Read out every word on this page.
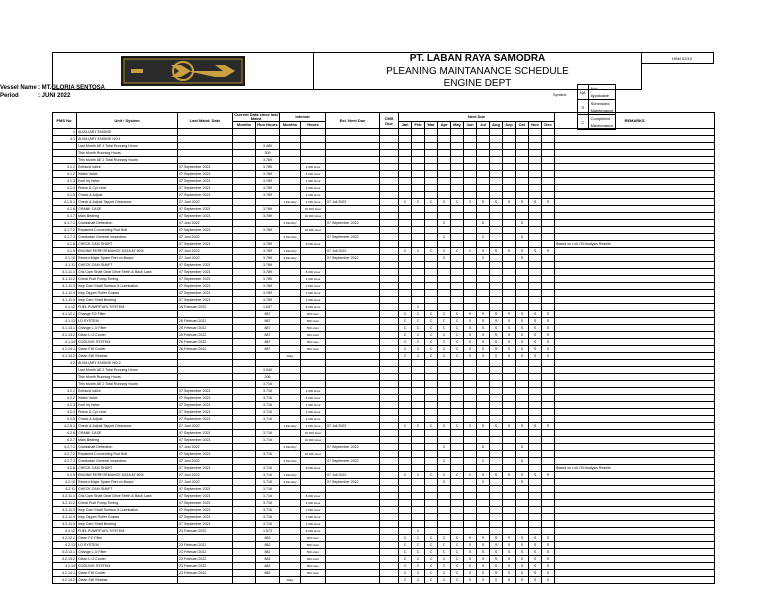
PT. LABAN RAYA SAMODRA
PLEANING MAINTANANCE SCHEDULE
ENGINE DEPT
HSM 02/19
Vessel Name: MT.GLORIA SENTOSA
Period	: JUNI 2022	Symbol	NA	Not Applicable
S	Scheduled Maintenance
C	Completed Maintenance
PMS No.	Unit / System	Last Maint. Date	Current Data since last Maint		Interval		Est. Next Due	CMS Due	Next Due												REMARKS
			Months	Run Hours	Months	Hours			Jan	Feb	Mar	Apr	May	Jun	Jul	Aug	Sep	Oct	Nov	Dec	
4	AUXILIARY ENGINE																				
4.1	AUXILIARY ENGINE NO.1																				
	Last Month AE 1 Total Running Hours			3.480																	
	This Month Running Hours			309																	
	This Month AE 1 Total Running Hours			3.789																	
4.1.1	Exhaust Valve	07 September 2021		3.789		4,000 Hour															
4.1.2	Intake Valve	07 September 2021		3.789		4,000 Hour															
4.1.3	Fuel Inj Valve	07 September 2021		3.789		4,000 Hour															
4.1.4	Piston & Cyl Liner	07 September 2021		3.789		4,000 Hour															
4.1.5	Check & Adjust	07 September 2021		3.789		4,000 Hour															
4.1.5.1	Check & Adjust Tappet Clearance	07 Juni 2022			1 Monthly	4,000 Hour	07 Juli 2022		C	C	C	C	C	C	S	S	S	S	S	S	
4.1.6	CRANK CASE	07 September 2021		3.789		16,000 Hour															
4.1.7	Main Bearing	07 September 2021		3.789		16,000 Hour															
4.1.7.1	Crankshaft Deflection	07 Juni 2022			3 Monthly		07 September 2022					C			S			S			
4.1.7.2	Replaced Connecting Rod Bolt	07 September 2021		3.789		20,000 Hour															
4.1.7.3	Crankcase General Inspection	07 Juni 2022			3 Monthly		07 September 2022					C			C			S			
4.1.8	CHECK CAM SHAFT	07 September 2021		3.789		8,000 Hour															Based on Lub Oil Analysis Results
4.1.9	ENGINE PERFORMANCE DATA AT 80%	07 Juni 2022		3.789	1 Monthly		07 Juli 2022		C	C	C	C	C	C	S	S	S	S	S	S	
4.1.10	Record Major Spare Part on Board	07 Juni 2022		3.789	3 Monthly		07 September 2022					C			C			S			
4.1.11	CHECK CAM SHAFT	07 September 2021		3.789																	
4.1.11.1	Chk Cam Shaft Gear Drive Teeth & Back Lash	07 September 2021		3.789		8,000 Hour															
4.1.11.2	Check Fuel Pump Timing	07 September 2021		3.789		4,000 Hour															
4.1.11.3	Insp Cam Shaft Surface & Lubrication	07 September 2021		3.789		1,500 Hour															
4.1.11.4	Insp Tappet Roller Guides	07 September 2021		3.789		1,500 Hour															
4.1.11.5	Insp Cam Shaft Bearing	07 September 2021		3.789		4,000 Hour															
4.1.12	FUEL PUMP/FUEL SYSTEM	18 Februari 2022		1.637		8,000 Hour				C											
4.1.12.1	Change FO Filter			887		500 Hour			C	C	C	C	C	S	S	S	S	S	S	S	
4.1.13	LO SYSTEM	26 Februari 2022		887		500 Hour			C	C	C	C	C	S	S	S	S	S	S	S	
4.1.13.1	Change L.O Filter	26 Februari 2022		887		500 Hour			C	C	C	C	C	S	S	S	S	S	S	S	
4.1.13.2	Clean L.O Cooler	26 Februari 2022		887		500 Hour			C	C	C	C	C	S	S	S	S	S	S	S	
4.1.14	COOLING SYSTEM	26 Februari 2022		887		500 Hour			C	C	C	C	C	S	S	S	S	S	S	S	
4.1.14.1	Clean FW Cooler	26 Februari 2022		887		500 Hour			C	C	C	C	C	S	S	S	S	S	S	S	
4.1.14.2	Clean SW Strainer				Daily				C	C	C	C	C	S	S	S	S	S	S	S	
4.2	AUXILIARY ENGINE NO.2																				
	Last Month AE 2 Total Running Hours			3.540																	
	This Month Running Hours			206																	
	This Month AE 2 Total Running Hours			3.716																	
4.2.1	Exhaust Valve	07 September 2021		3.716		4,000 Hour															
4.2.2	Intake Valve	07 September 2021		3.716		4,000 Hour															
4.2.3	Fuel Inj Valve	07 September 2021		3.716		4,000 Hour															
4.2.4	Piston & Cyl Liner	07 September 2021		3.716		4,000 Hour															
4.2.5	Check & Adjust	07 September 2021		3.716		4,000 Hour															
4.2.5.1	Check & Adjust Tappet Clearance	07 Juni 2022			1 Monthly	4,000 Hour	07 Juli 2022		C	C	C	C	C	C	S	S	S	S	S	S	
4.2.6	CRANK CASE	07 September 2021		3.716		16,000 Hour															
4.2.7	Main Bearing	07 September 2021		3.716		16,000 Hour															
4.2.7.1	Crankshaft Deflection	07 Juni 2022			3 Monthly		07 September 2022					C			S			S			
4.2.7.2	Replaced Connecting Rod Bolt	07 September 2021		3.716		20,000 Hour															
4.2.7.3	Crankcase General Inspection	07 Juni 2022			3 Monthly		07 September 2022					C			C			S			
4.2.8	CHECK CAM SHAFT	07 September 2021		3.716		8,000 Hour															Based on Lub Oil Analysis Results
4.2.9	ENGINE PERFORMANCE DATA AT 80%	07 Juni 2022		3.716	1 Monthly		07 Juli 2022		C	C	C	C	C	C	S	S	S	S	S	S	
4.2.10	Record Major Spare Part on Board	07 Juni 2022		3.716	3 Monthly		07 September 2022					C			C			S			
4.2.11	CHECK CAM SHAFT	07 September 2021		3.716																	
4.2.11.1	Chk Cam Shaft Gear Drive Teeth & Back Lash	07 September 2021		3.716		8,000 Hour															
4.2.11.2	Check Fuel Pump Timing	07 September 2021		3.716		4,000 Hour															
4.2.11.3	Insp Cam Shaft Surface & Lubrication	07 September 2021		3.716		1,500 Hour															
4.2.11.4	Insp Tappet Roller Guides	07 September 2021		3.716		1,500 Hour															
4.2.11.5	Insp Cam Shaft Bearing	07 September 2021		3.716		4,000 Hour															
4.2.12	FUEL PUMP/FUEL SYSTEM	23 Februari 2022		1.573		8,000 Hour				C											
4.2.12.1	Clean FO Filter			882		500 Hour			C	C	C	C	C	S	S	S	S	S	S	S	
4.2.13	LO SYSTEM	23 Februari 2022		882		500 Hour			C	C	C	C	C	S	S	S	S	S	S	S	
4.2.13.1	Change L.O Filter	23 Februari 2022		882		500 Hour			C	C	C	C	C	S	S	S	S	S	S	S	
4.2.13.2	Clean L.O Cooler	23 Februari 2022		882		500 Hour			C	C	C	C	C	S	S	S	S	S	S	S	
4.2.14	COOLING SYSTEM	23 Februari 2022		882		500 Hour			C	C	C	C	C	S	S	S	S	S	S	S	
4.2.14.1	Clean FW Cooler	23 Februari 2022		882		500 Hour			C	C	C	C	C	S	S	S	S	S	S	S	
4.2.14.2	Clean SW Strainer				Daily				C	C	C	C	C	S	S	S	S	S	S	S	
